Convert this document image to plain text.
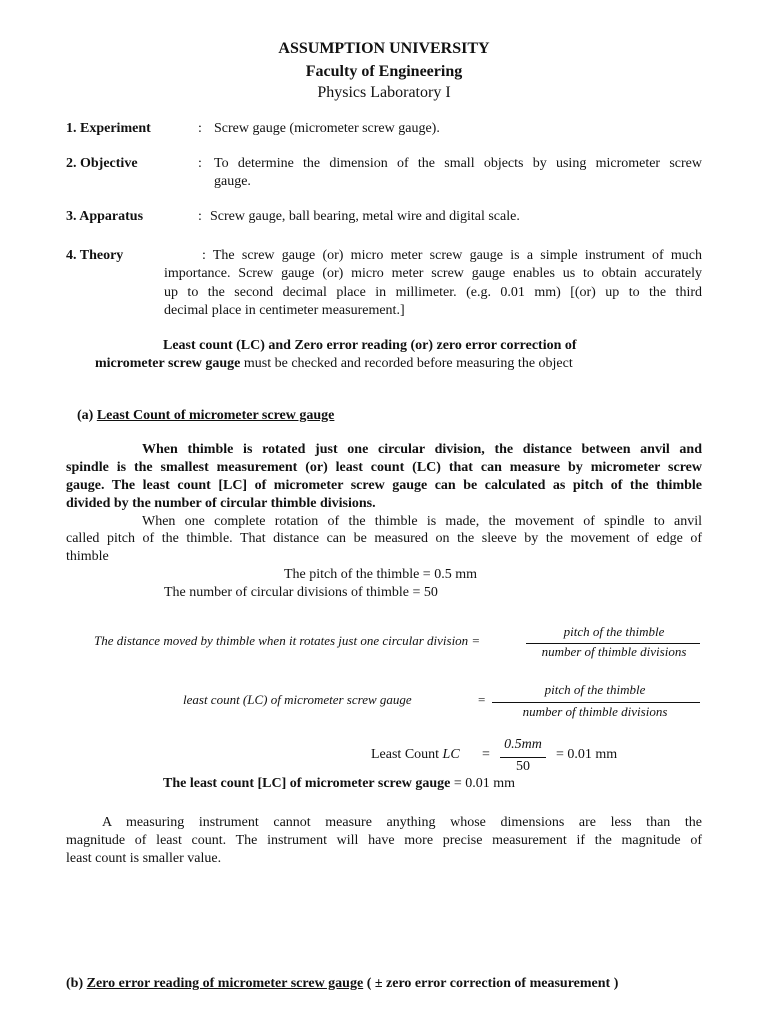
ASSUMPTION UNIVERSITY
Faculty of Engineering
Physics Laboratory I
1. Experiment	: Screw gauge (micrometer screw gauge).
2. Objective	: To determine the dimension of the small objects by using micrometer screw
gauge.
3. Apparatus	: Screw gauge, ball bearing, metal wire and digital scale.
4. Theory	: The screw gauge (or) micro meter screw gauge is a simple instrument of much
importance. Screw gauge (or) micro meter screw gauge enables us to obtain accurately
up to the second decimal place in millimeter. (e.g. 0.01 mm) [(or) up to the third
decimal place in centimeter measurement.]
Least count (LC) and Zero error reading (or) zero error correction of
micrometer screw gauge must be checked and recorded before measuring the object
(a) Least Count of micrometer screw gauge
When thimble is rotated just one circular division, the distance between anvil and
spindle is the smallest measurement (or) least count (LC) that can measure by micrometer screw
gauge. The least count [LC] of micrometer screw gauge can be calculated as pitch of the thimble
divided by the number of circular thimble divisions.
When one complete rotation of the thimble is made, the movement of spindle to anvil
called pitch of the thimble. That distance can be measured on the sleeve by the movement of edge of
thimble
The pitch of the thimble = 0.5 mm
The number of circular divisions of thimble = 50
The distance moved by thimble when it rotates just one circular division =
pitch of the thimble
number of thimble divisions
least count (LC) of micrometer screw gauge	=
pitch of the thimble
number of thimble divisions
Least Count LC =
0.5mm
50
= 0.01 mm
The least count [LC] of micrometer screw gauge = 0.01 mm
A measuring instrument cannot measure anything whose dimensions are less than the
magnitude of least count. The instrument will have more precise measurement if the magnitude of
least count is smaller value.
(b) Zero error reading of micrometer screw gauge ( ± zero error correction of measurement )
